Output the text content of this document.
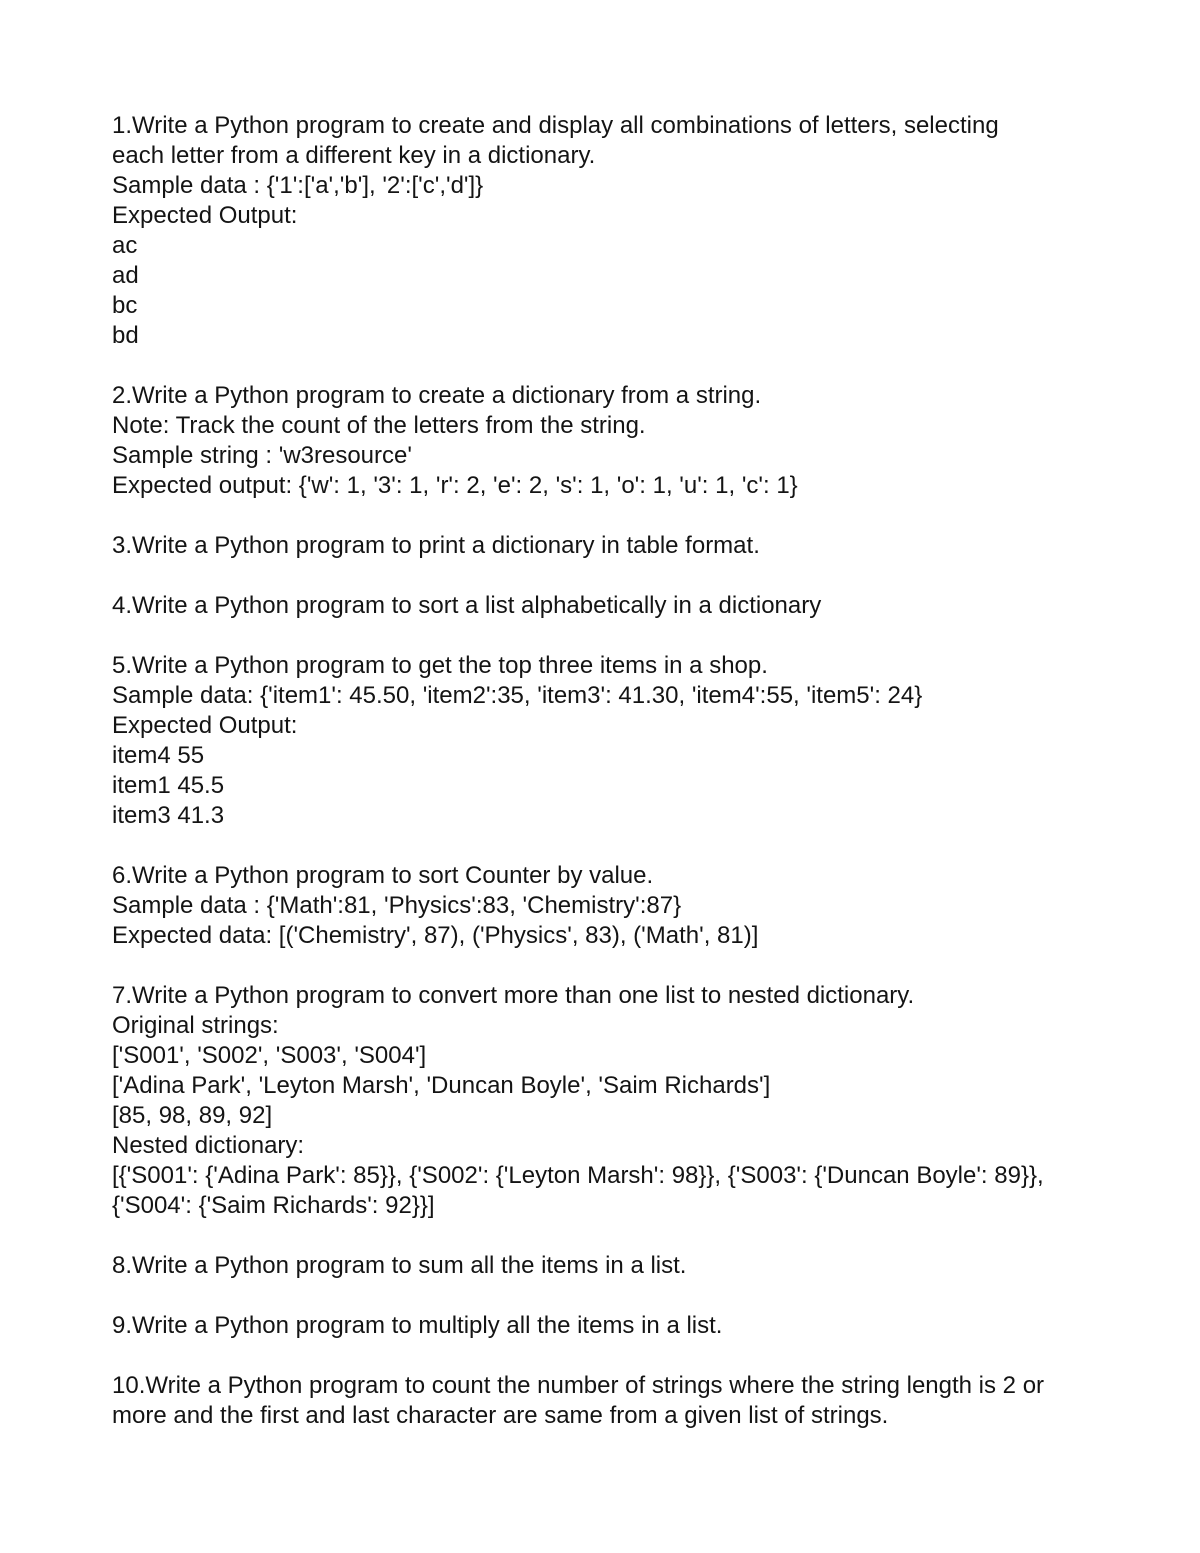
1.Write a Python program to create and display all combinations of letters, selecting
each letter from a different key in a dictionary.
Sample data : {'1':['a','b'], '2':['c','d']}
Expected Output:
ac
ad
bc
bd
2.Write a Python program to create a dictionary from a string.
Note: Track the count of the letters from the string.
Sample string : 'w3resource'
Expected output: {'w': 1, '3': 1, 'r': 2, 'e': 2, 's': 1, 'o': 1, 'u': 1, 'c': 1}
3.Write a Python program to print a dictionary in table format.
4.Write a Python program to sort a list alphabetically in a dictionary
5.Write a Python program to get the top three items in a shop.
Sample data: {'item1': 45.50, 'item2':35, 'item3': 41.30, 'item4':55, 'item5': 24}
Expected Output:
item4 55
item1 45.5
item3 41.3
6.Write a Python program to sort Counter by value.
Sample data : {'Math':81, 'Physics':83, 'Chemistry':87}
Expected data: [('Chemistry', 87), ('Physics', 83), ('Math', 81)]
7.Write a Python program to convert more than one list to nested dictionary.
Original strings:
['S001', 'S002', 'S003', 'S004']
['Adina Park', 'Leyton Marsh', 'Duncan Boyle', 'Saim Richards']
[85, 98, 89, 92]
Nested dictionary:
[{'S001': {'Adina Park': 85}}, {'S002': {'Leyton Marsh': 98}}, {'S003': {'Duncan Boyle': 89}},
{'S004': {'Saim Richards': 92}}]
8.Write a Python program to sum all the items in a list.
9.Write a Python program to multiply all the items in a list.
10.Write a Python program to count the number of strings where the string length is 2 or
more and the first and last character are same from a given list of strings.
